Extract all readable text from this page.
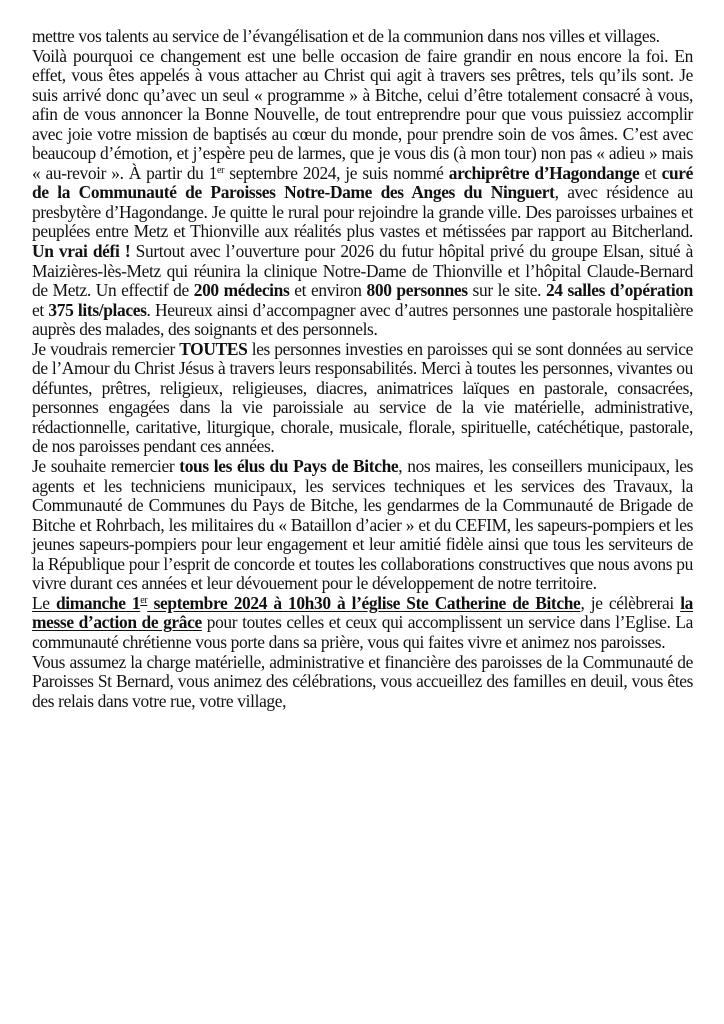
mettre vos talents au service de l’évangélisation et de la communion dans nos villes et villages.

Voilà pourquoi ce changement est une belle occasion de faire grandir en nous encore la foi. En effet, vous êtes appelés à vous attacher au Christ qui agit à travers ses prêtres, tels qu’ils sont. Je suis arrivé donc qu’avec un seul « programme » à Bitche, celui d’être totalement consacré à vous, afin de vous annoncer la Bonne Nouvelle, de tout entreprendre pour que vous puissiez accomplir avec joie votre mission de baptisés au cœur du monde, pour prendre soin de vos âmes. C’est avec beaucoup d’émotion, et j’espère peu de larmes, que je vous dis (à mon tour) non pas « adieu » mais « au-revoir ». À partir du 1er septembre 2024, je suis nommé archiprêtre d’Hagondange et curé de la Communauté de Paroisses Notre-Dame des Anges du Ninguert, avec résidence au presbytère d’Hagondange. Je quitte le rural pour rejoindre la grande ville. Des paroisses urbaines et peuplées entre Metz et Thionville aux réalités plus vastes et métissées par rapport au Bitcherland. Un vrai défi ! Surtout avec l’ouverture pour 2026 du futur hôpital privé du groupe Elsan, situé à Maizières-lès-Metz qui réunira la clinique Notre-Dame de Thionville et l’hôpital Claude-Bernard de Metz. Un effectif de 200 médecins et environ 800 personnes sur le site. 24 salles d’opération et 375 lits/places. Heureux ainsi d’accompagner avec d’autres personnes une pastorale hospitalière auprès des malades, des soignants et des personnels.

Je voudrais remercier TOUTES les personnes investies en paroisses qui se sont données au service de l’Amour du Christ Jésus à travers leurs responsabilités. Merci à toutes les personnes, vivantes ou défuntes, prêtres, religieux, religieuses, diacres, animatrices laïques en pastorale, consacrées, personnes engagées dans la vie paroissiale au service de la vie matérielle, administrative, rédactionnelle, caritative, liturgique, chorale, musicale, florale, spirituelle, catéchétique, pastorale, de nos paroisses pendant ces années.

Je souhaite remercier tous les élus du Pays de Bitche, nos maires, les conseillers municipaux, les agents et les techniciens municipaux, les services techniques et les services des Travaux, la Communauté de Communes du Pays de Bitche, les gendarmes de la Communauté de Brigade de Bitche et Rohrbach, les militaires du « Bataillon d’acier » et du CEFIM, les sapeurs-pompiers et les jeunes sapeurs-pompiers pour leur engagement et leur amitié fidèle ainsi que tous les serviteurs de la République pour l’esprit de concorde et toutes les collaborations constructives que nous avons pu vivre durant ces années et leur dévouement pour le développement de notre territoire.

Le dimanche 1er septembre 2024 à 10h30 à l’église Ste Catherine de Bitche, je célèbrerai la messe d’action de grâce pour toutes celles et ceux qui accomplissent un service dans l’Eglise. La communauté chrétienne vous porte dans sa prière, vous qui faites vivre et animez nos paroisses.

Vous assumez la charge matérielle, administrative et financière des paroisses de la Communauté de Paroisses St Bernard, vous animez des célébrations, vous accueillez des familles en deuil, vous êtes des relais dans votre rue, votre village,
